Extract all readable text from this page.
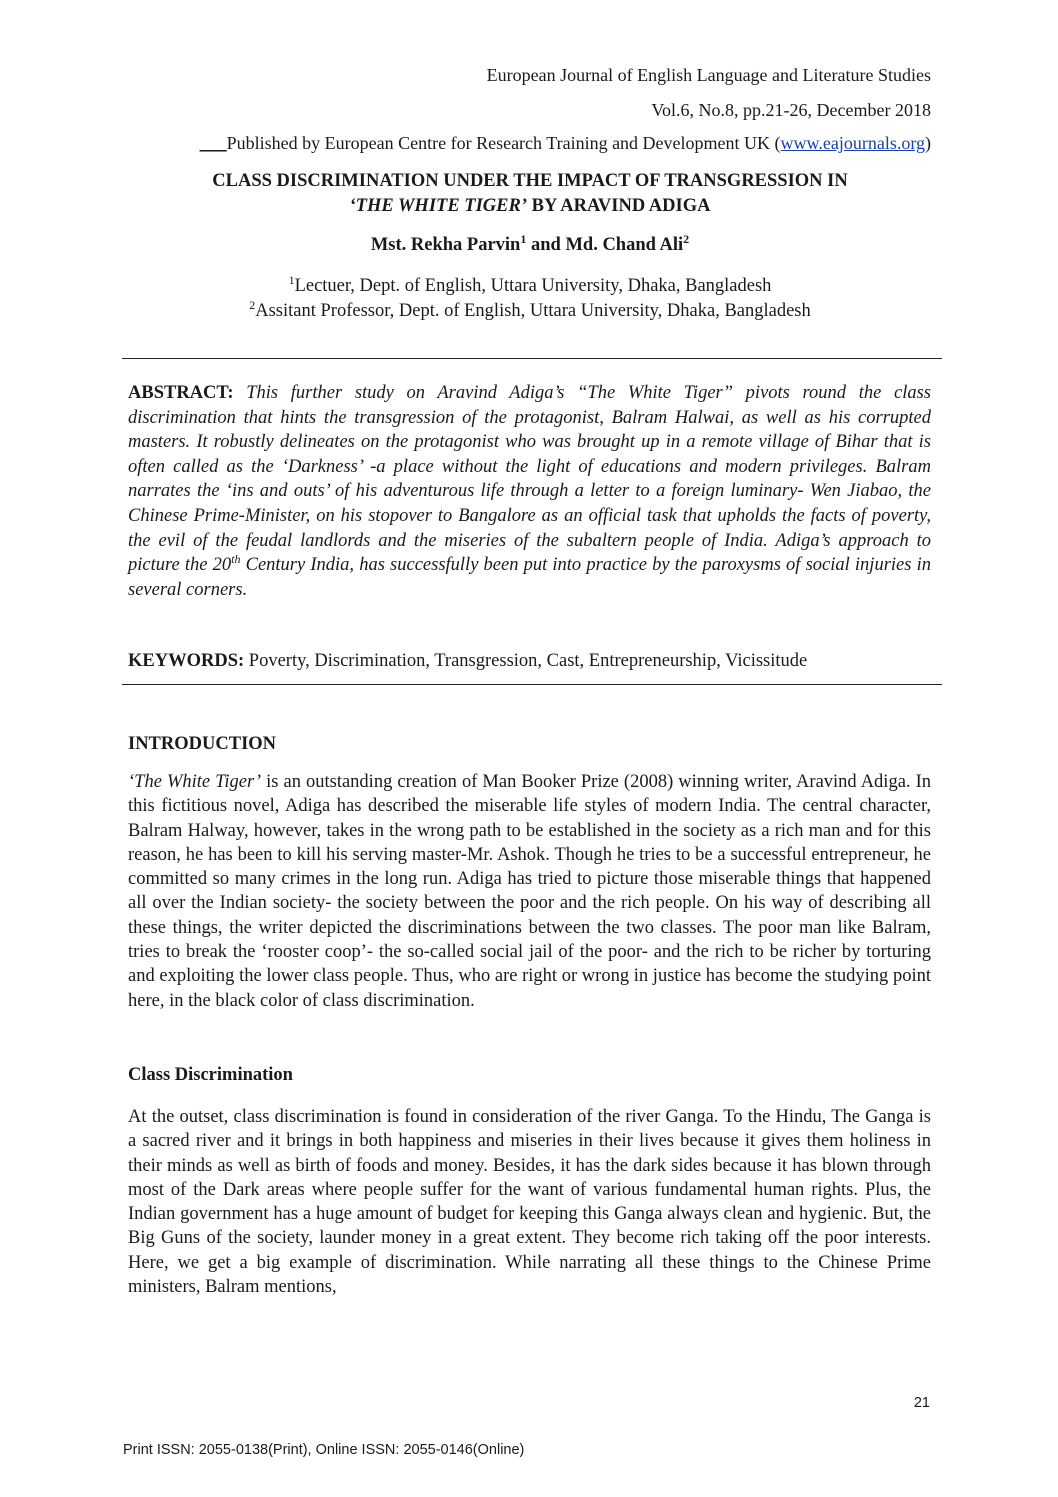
European Journal of English Language and Literature Studies
Vol.6, No.8, pp.21-26, December 2018
___Published by European Centre for Research Training and Development UK (www.eajournals.org)
CLASS DISCRIMINATION UNDER THE IMPACT OF TRANSGRESSION IN
‘THE WHITE TIGER’ BY ARAVIND ADIGA
Mst. Rekha Parvin$^1$ and Md. Chand Ali$^2$
$^1$Lectuer, Dept. of English, Uttara University, Dhaka, Bangladesh
$^2$Assitant Professor, Dept. of English, Uttara University, Dhaka, Bangladesh
ABSTRACT: This further study on Aravind Adiga’s “The White Tiger” pivots round the class discrimination that hints the transgression of the protagonist, Balram Halwai, as well as his corrupted masters. It robustly delineates on the protagonist who was brought up in a remote village of Bihar that is often called as the ‘Darkness’ -a place without the light of educations and modern privileges. Balram narrates the ‘ins and outs’ of his adventurous life through a letter to a foreign luminary- Wen Jiabao, the Chinese Prime-Minister, on his stopover to Bangalore as an official task that upholds the facts of poverty, the evil of the feudal landlords and the miseries of the subaltern people of India. Adiga’s approach to picture the 20th Century India, has successfully been put into practice by the paroxysms of social injuries in several corners.
KEYWORDS: Poverty, Discrimination, Transgression, Cast, Entrepreneurship, Vicissitude
INTRODUCTION
‘The White Tiger’ is an outstanding creation of Man Booker Prize (2008) winning writer, Aravind Adiga. In this fictitious novel, Adiga has described the miserable life styles of modern India. The central character, Balram Halway, however, takes in the wrong path to be established in the society as a rich man and for this reason, he has been to kill his serving master-Mr. Ashok. Though he tries to be a successful entrepreneur, he committed so many crimes in the long run. Adiga has tried to picture those miserable things that happened all over the Indian society- the society between the poor and the rich people. On his way of describing all these things, the writer depicted the discriminations between the two classes. The poor man like Balram, tries to break the ‘rooster coop’- the so-called social jail of the poor- and the rich to be richer by torturing and exploiting the lower class people. Thus, who are right or wrong in justice has become the studying point here, in the black color of class discrimination.
Class Discrimination
At the outset, class discrimination is found in consideration of the river Ganga. To the Hindu, The Ganga is a sacred river and it brings in both happiness and miseries in their lives because it gives them holiness in their minds as well as birth of foods and money. Besides, it has the dark sides because it has blown through most of the Dark areas where people suffer for the want of various fundamental human rights. Plus, the Indian government has a huge amount of budget for keeping this Ganga always clean and hygienic. But, the Big Guns of the society, launder money in a great extent. They become rich taking off the poor interests. Here, we get a big example of discrimination. While narrating all these things to the Chinese Prime ministers, Balram mentions,
21
Print ISSN: 2055-0138(Print), Online ISSN: 2055-0146(Online)
